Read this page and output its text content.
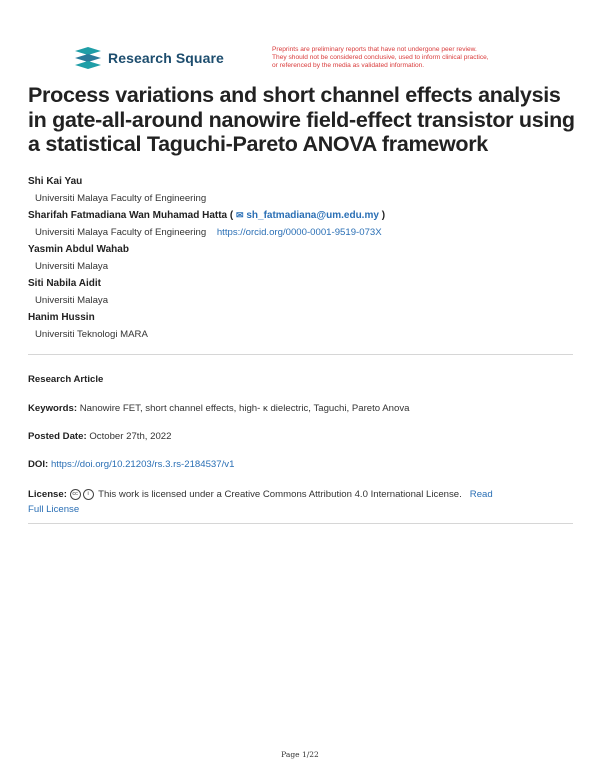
Research Square
Preprints are preliminary reports that have not undergone peer review.
They should not be considered conclusive, used to inform clinical practice,
or referenced by the media as validated information.
Process variations and short channel effects analysis
in gate-all-around nanowire field-effect transistor using
a statistical Taguchi-Pareto ANOVA framework
Shi Kai Yau
Universiti Malaya Faculty of Engineering
Sharifah Fatmadiana Wan Muhamad Hatta ( ✉ sh_fatmadiana@um.edu.my )
Universiti Malaya Faculty of Engineering https://orcid.org/0000-0001-9519-073X
Yasmin Abdul Wahab
Universiti Malaya
Siti Nabila Aidit
Universiti Malaya
Hanim Hussin
Universiti Teknologi MARA
Research Article
Keywords: Nanowire FET, short channel effects, high- κ dielectric, Taguchi, Pareto Anova
Posted Date: October 27th, 2022
DOI: https://doi.org/10.21203/rs.3.rs-2184537/v1
License: cc i This work is licensed under a Creative Commons Attribution 4.0 International License. Read
Full License
Page 1/22
